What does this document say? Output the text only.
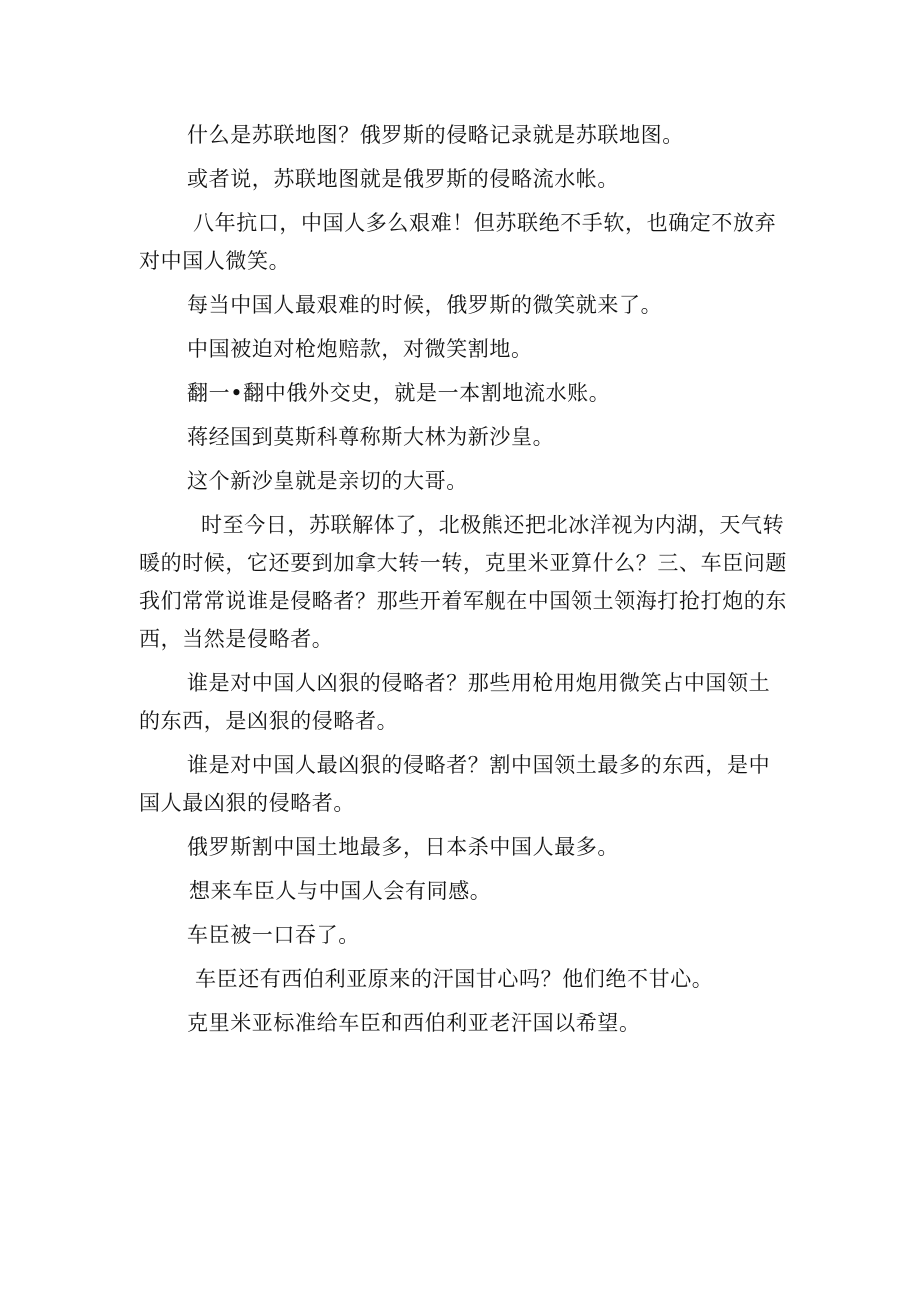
什么是苏联地图？俄罗斯的侵略记录就是苏联地图。

或者说，苏联地图就是俄罗斯的侵略流水帐。

八年抗口，中国人多么艰难！但苏联绝不手软，也确定不放弃对中国人微笑。

每当中国人最艰难的时候，俄罗斯的微笑就来了。

中国被迫对枪炮赔款，对微笑割地。

翻一•翻中俄外交史，就是一本割地流水账。

蒋经国到莫斯科尊称斯大林为新沙皇。

这个新沙皇就是亲切的大哥。

时至今日，苏联解体了，北极熊还把北冰洋视为内湖，天气转暖的时候，它还要到加拿大转一转，克里米亚算什么？三、车臣问题我们常常说谁是侵略者？那些开着军舰在中国领土领海打抢打炮的东西，当然是侵略者。

谁是对中国人凶狠的侵略者？那些用枪用炮用微笑占中国领土的东西，是凶狠的侵略者。

谁是对中国人最凶狠的侵略者？割中国领土最多的东西，是中国人最凶狠的侵略者。

俄罗斯割中国土地最多，日本杀中国人最多。

想来车臣人与中国人会有同感。

车臣被一口吞了。

车臣还有西伯利亚原来的汗国甘心吗？他们绝不甘心。

克里米亚标准给车臣和西伯利亚老汗国以希望。
